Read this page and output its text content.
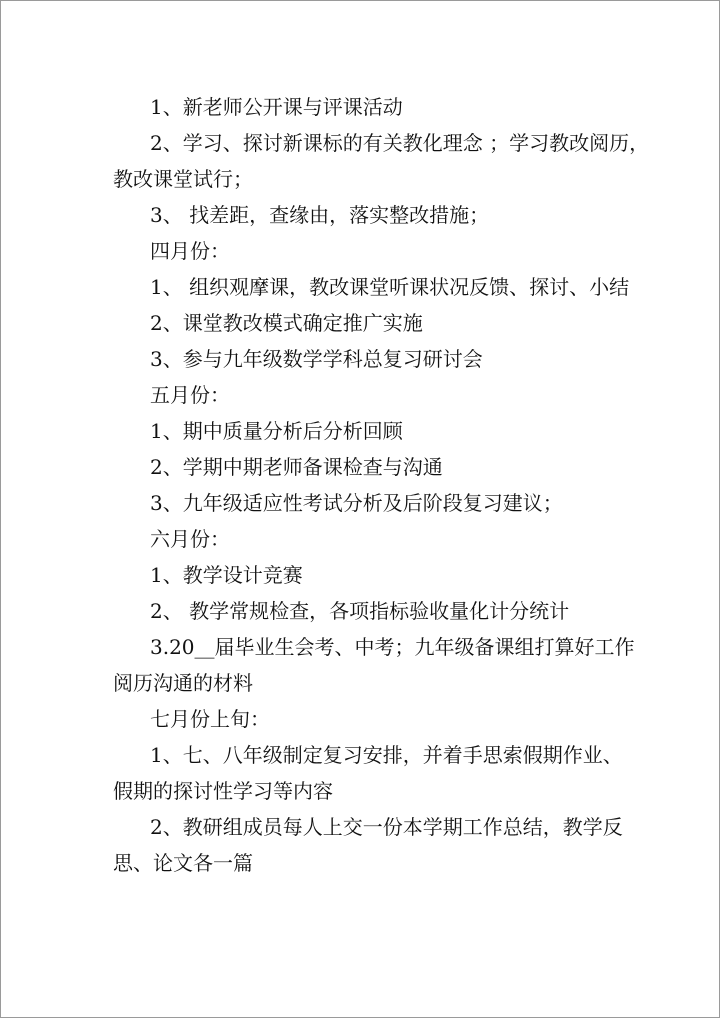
1、新老师公开课与评课活动

2、学习、探讨新课标的有关教化理念 ；学习教改阅历，

教改课堂试行；

3、 找差距，查缘由，落实整改措施；

四月份：

1、 组织观摩课，教改课堂听课状况反馈、探讨、小结

2、课堂教改模式确定推广实施

3、参与九年级数学学科总复习研讨会

五月份：

1、期中质量分析后分析回顾

2、学期中期老师备课检查与沟通

3、九年级适应性考试分析及后阶段复习建议；

六月份：

1、教学设计竞赛

2、 教学常规检查，各项指标验收量化计分统计

3.20__届毕业生会考、中考；九年级备课组打算好工作

阅历沟通的材料

七月份上旬：

1、七、八年级制定复习安排，并着手思索假期作业、

假期的探讨性学习等内容

2、教研组成员每人上交一份本学期工作总结，教学反

思、论文各一篇
